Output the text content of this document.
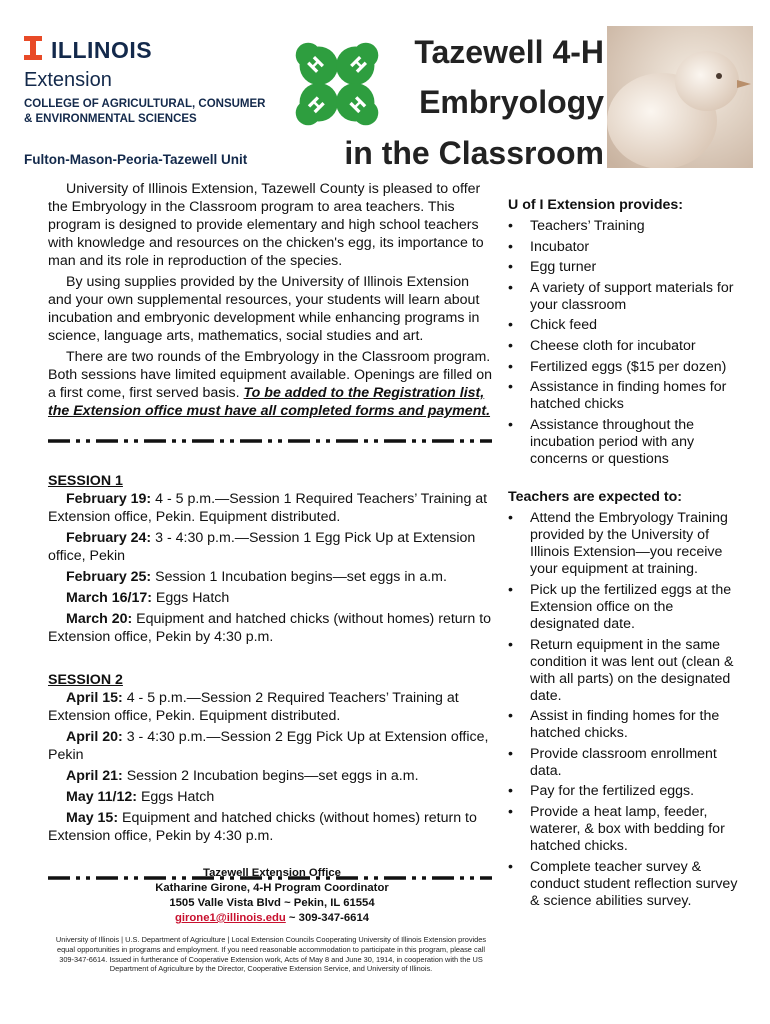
ILLINOIS
Extension
COLLEGE OF AGRICULTURAL, CONSUMER
& ENVIRONMENTAL SCIENCES
Fulton-Mason-Peoria-Tazewell Unit
H H
H H
Tazewell 4-H
Embryology
in the Classroom

University of Illinois Extension, Tazewell County is pleased to offer the Embryology in the Classroom program to area teachers. This program is designed to provide elementary and high school teachers with knowledge and resources on the chicken's egg, its importance to man and its role in reproduction of the species.

By using supplies provided by the University of Illinois Extension and your own supplemental resources, your students will learn about incubation and embryonic development while enhancing programs in science, language arts, mathematics, social studies and art.

There are two rounds of the Embryology in the Classroom program. Both sessions have limited equipment available. Openings are filled on a first come, first served basis. To be added to the Registration list, the Extension office must have all completed forms and payment.

SESSION 1

February 19: 4 - 5 p.m.—Session 1 Required Teachers’ Training at Extension office, Pekin. Equipment distributed.

February 24: 3 - 4:30 p.m.—Session 1 Egg Pick Up at Extension office, Pekin

February 25: Session 1 Incubation begins—set eggs in a.m.

March 16/17: Eggs Hatch

March 20: Equipment and hatched chicks (without homes) return to Extension office, Pekin by 4:30 p.m.

SESSION 2

April 15: 4 - 5 p.m.—Session 2 Required Teachers’ Training at Extension office, Pekin. Equipment distributed.

April 20: 3 - 4:30 p.m.—Session 2 Egg Pick Up at Extension office, Pekin

April 21: Session 2 Incubation begins—set eggs in a.m.

May 11/12: Eggs Hatch

May 15: Equipment and hatched chicks (without homes) return to Extension office, Pekin by 4:30 p.m.

Tazewell Extension Office
Katharine Girone, 4-H Program Coordinator
1505 Valle Vista Blvd ~ Pekin, IL 61554
girone1@illinois.edu ~ 309-347-6614
University of Illinois | U.S. Department of Agriculture | Local Extension Councils Cooperating University of Illinois Extension provides equal opportunities in programs and employment. If you need reasonable accommodation to participate in this program, please call 309-347-6614. Issued in furtherance of Cooperative Extension work, Acts of May 8 and June 30, 1914, in cooperation with the US Department of Agriculture by the Director, Cooperative Extension Service, and University of Illinois.
U of I Extension provides:
• Teachers’ Training
• Incubator
• Egg turner
• A variety of support materials for your classroom
• Chick feed
• Cheese cloth for incubator
• Fertilized eggs ($15 per dozen)
• Assistance in finding homes for hatched chicks
• Assistance throughout the incubation period with any concerns or questions
Teachers are expected to:
• Attend the Embryology Training provided by the University of Illinois Extension—you receive your equipment at training.
• Pick up the fertilized eggs at the Extension office on the designated date.
• Return equipment in the same condition it was lent out (clean & with all parts) on the designated date.
• Assist in finding homes for the hatched chicks.
• Provide classroom enrollment data.
• Pay for the fertilized eggs.
• Provide a heat lamp, feeder, waterer, & box with bedding for hatched chicks.
• Complete teacher survey & conduct student reflection survey & science abilities survey.
